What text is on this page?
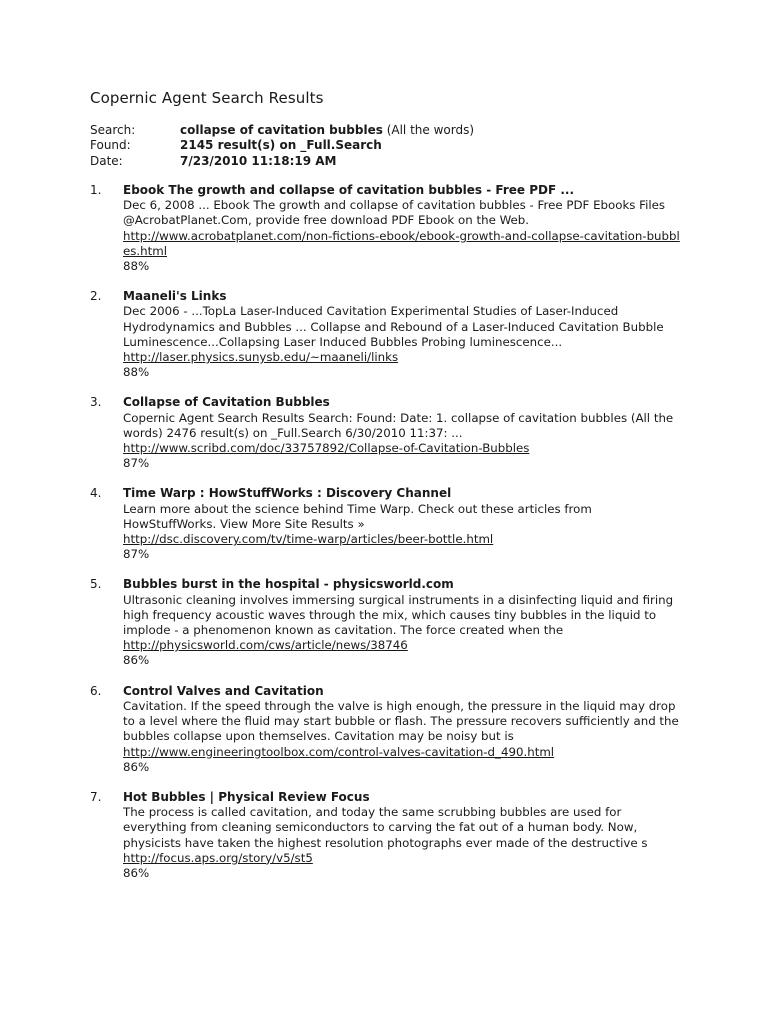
Copernic Agent Search Results
Search:	collapse of cavitation bubbles (All the words)
Found:	2145 result(s) on _Full.Search
Date:	7/23/2010 11:18:19 AM
1.	Ebook The growth and collapse of cavitation bubbles - Free PDF ...
Dec 6, 2008 ... Ebook The growth and collapse of cavitation bubbles - Free PDF Ebooks Files @AcrobatPlanet.Com, provide free download PDF Ebook on the Web.
http://www.acrobatplanet.com/non-fictions-ebook/ebook-growth-and-collapse-cavitation-bubbles.html
88%
2.	Maaneli's Links
Dec 2006 - ...TopLa Laser-Induced Cavitation Experimental Studies of Laser-Induced Hydrodynamics and Bubbles ... Collapse and Rebound of a Laser-Induced Cavitation Bubble Luminescence...Collapsing Laser Induced Bubbles Probing luminescence...
http://laser.physics.sunysb.edu/~maaneli/links
88%
3.	Collapse of Cavitation Bubbles
Copernic Agent Search Results Search: Found: Date: 1. collapse of cavitation bubbles (All the words) 2476 result(s) on _Full.Search 6/30/2010 11:37: ...
http://www.scribd.com/doc/33757892/Collapse-of-Cavitation-Bubbles
87%
4.	Time Warp : HowStuffWorks : Discovery Channel
Learn more about the science behind Time Warp. Check out these articles from HowStuffWorks. View More Site Results »
http://dsc.discovery.com/tv/time-warp/articles/beer-bottle.html
87%
5.	Bubbles burst in the hospital - physicsworld.com
Ultrasonic cleaning involves immersing surgical instruments in a disinfecting liquid and firing high frequency acoustic waves through the mix, which causes tiny bubbles in the liquid to implode - a phenomenon known as cavitation. The force created when the
http://physicsworld.com/cws/article/news/38746
86%
6.	Control Valves and Cavitation
Cavitation. If the speed through the valve is high enough, the pressure in the liquid may drop to a level where the fluid may start bubble or flash. The pressure recovers sufficiently and the bubbles collapse upon themselves. Cavitation may be noisy but is
http://www.engineeringtoolbox.com/control-valves-cavitation-d_490.html
86%
7.	Hot Bubbles | Physical Review Focus
The process is called cavitation, and today the same scrubbing bubbles are used for everything from cleaning semiconductors to carving the fat out of a human body. Now, physicists have taken the highest resolution photographs ever made of the destructive s
http://focus.aps.org/story/v5/st5
86%
